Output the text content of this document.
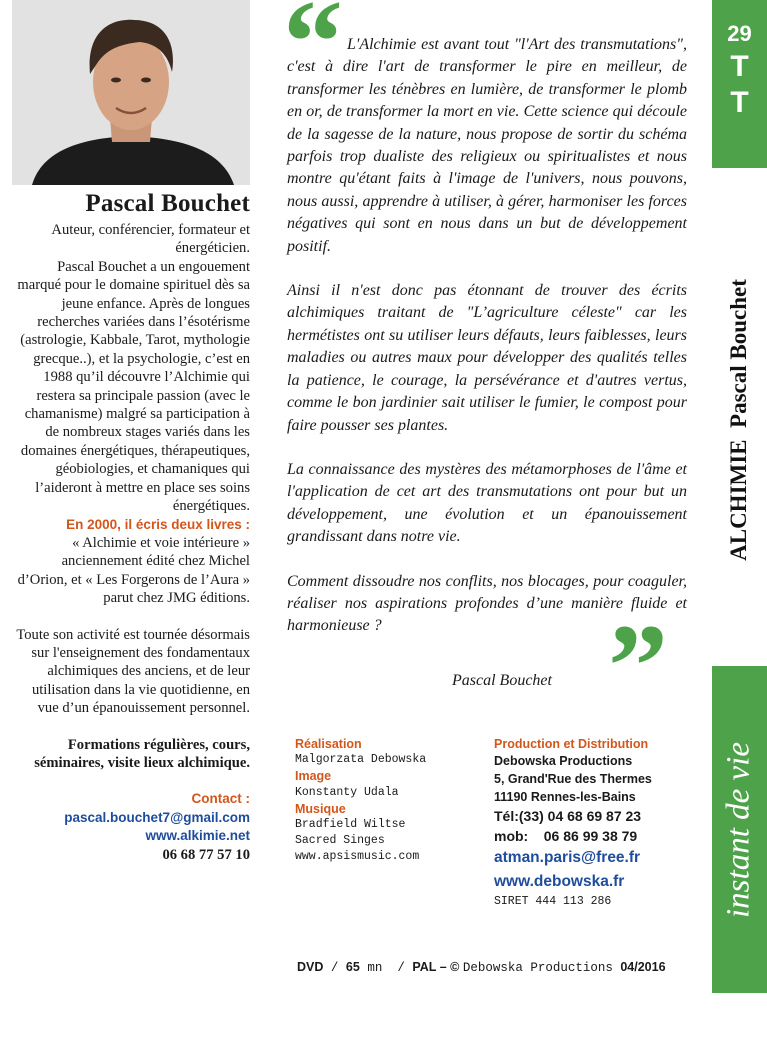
Pascal Bouchet

Auteur, conférencier, formateur et énergéticien.

Pascal Bouchet a un engouement marqué pour le domaine spirituel dès sa jeune enfance. Après de longues recherches variées dans l’ésotérisme (astrologie, Kabbale, Tarot, mythologie grecque..), et la psychologie, c’est en 1988 qu’il découvre l’Alchimie qui restera sa principale passion (avec le chamanisme) malgré sa participation à de nombreux stages variés dans les domaines énergétiques, thérapeutiques, géobiologies, et chamaniques qui l’aideront à mettre en place ses soins énergétiques.

En 2000, il écris deux livres :

« Alchimie et voie intérieure » anciennement édité chez Michel d’Orion, et « Les Forgerons de l’Aura » parut chez JMG éditions.

Toute son activité est tournée désormais sur l'enseignement des fondamentaux alchimiques des anciens, et de leur utilisation dans la vie quotidienne, en vue d’un épanouissement personnel.

Formations régulières, cours, séminaires, visite lieux alchimique.

Contact :

pascal.bouchet7@gmail.com

www.alkimie.net

06 68 77 57 10

“ L'Alchimie est avant tout "l'Art des transmutations", c'est à dire l'art de transformer le pire en meilleur, de transformer les ténèbres en lumière, de transformer le plomb en or, de transformer la mort en vie. Cette science qui découle de la sagesse de la nature, nous propose de sortir du schéma parfois trop dualiste des religieux ou spiritualistes et nous montre qu'étant faits à l'image de l'univers, nous pouvons, nous aussi, apprendre à utiliser, à gérer, harmoniser les forces négatives qui sont en nous dans un but de développement positif.

Ainsi il n'est donc pas étonnant de trouver des écrits alchimiques traitant de "L’agriculture céleste" car les hermétistes ont su utiliser leurs défauts, leurs faiblesses, leurs maladies ou autres maux pour développer des qualités telles la patience, le courage, la persévérance et d'autres vertus, comme le bon jardinier sait utiliser le fumier, le compost pour faire pousser ses plantes.

La connaissance des mystères des métamorphoses de l'âme et l'application de cet art des transmutations ont pour but un développement, une évolution et un épanouissement grandissant dans notre vie.

Comment dissoudre nos conflits, nos blocages, pour coaguler, réaliser nos aspirations profondes d’une manière fluide et harmonieuse ?	”
Pascal Bouchet
Réalisation
Malgorzata Debowska
Image
Konstanty Udala
Musique
Bradfield Wiltse
Sacred Singes
www.apsismusic.com
Production et Distribution
Debowska Productions
5, Grand'Rue des Thermes
11190 Rennes-les-Bains
Tél:(33) 04 68 69 87 23
mob:    06 86 99 38 79
atman.paris@free.fr
www.debowska.fr
SIRET 444 113 286
DVD / 65 mn  / PAL – © Debowska Productions 04/2016
29
T
T
ALCHIMIE  Pascal Bouchet
instant de vie
